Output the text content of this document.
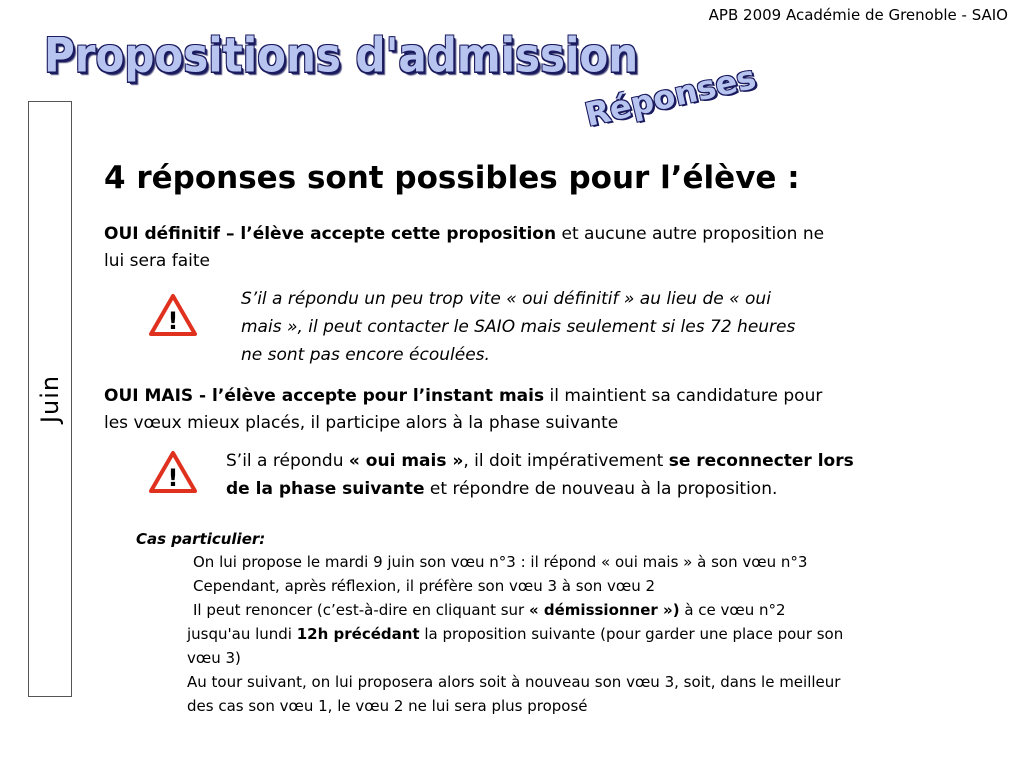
APB 2009 Académie de Grenoble - SAIO
Propositions d'admission
Réponses
Juin
4 réponses sont possibles pour l’élève :
OUI définitif – l’élève accepte cette proposition et aucune autre proposition ne
lui sera faite
!
S’il a répondu un peu trop vite « oui définitif » au lieu de « oui
mais », il peut contacter le SAIO mais seulement si les 72 heures
ne sont pas encore écoulées.
OUI MAIS - l’élève accepte pour l’instant mais il maintient sa candidature pour
les vœux mieux placés, il participe alors à la phase suivante
!
S’il a répondu « oui mais », il doit impérativement se reconnecter lors
de la phase suivante et répondre de nouveau à la proposition.
Cas particulier:
On lui propose le mardi 9 juin son vœu n°3 : il répond « oui mais » à son vœu n°3
Cependant, après réflexion, il préfère son vœu 3 à son vœu 2
Il peut renoncer (c’est-à-dire en cliquant sur « démissionner ») à ce vœu n°2
jusqu'au lundi 12h précédant la proposition suivante (pour garder une place pour son
vœu 3)
Au tour suivant, on lui proposera alors soit à nouveau son vœu 3, soit, dans le meilleur
des cas son vœu 1, le vœu 2 ne lui sera plus proposé
